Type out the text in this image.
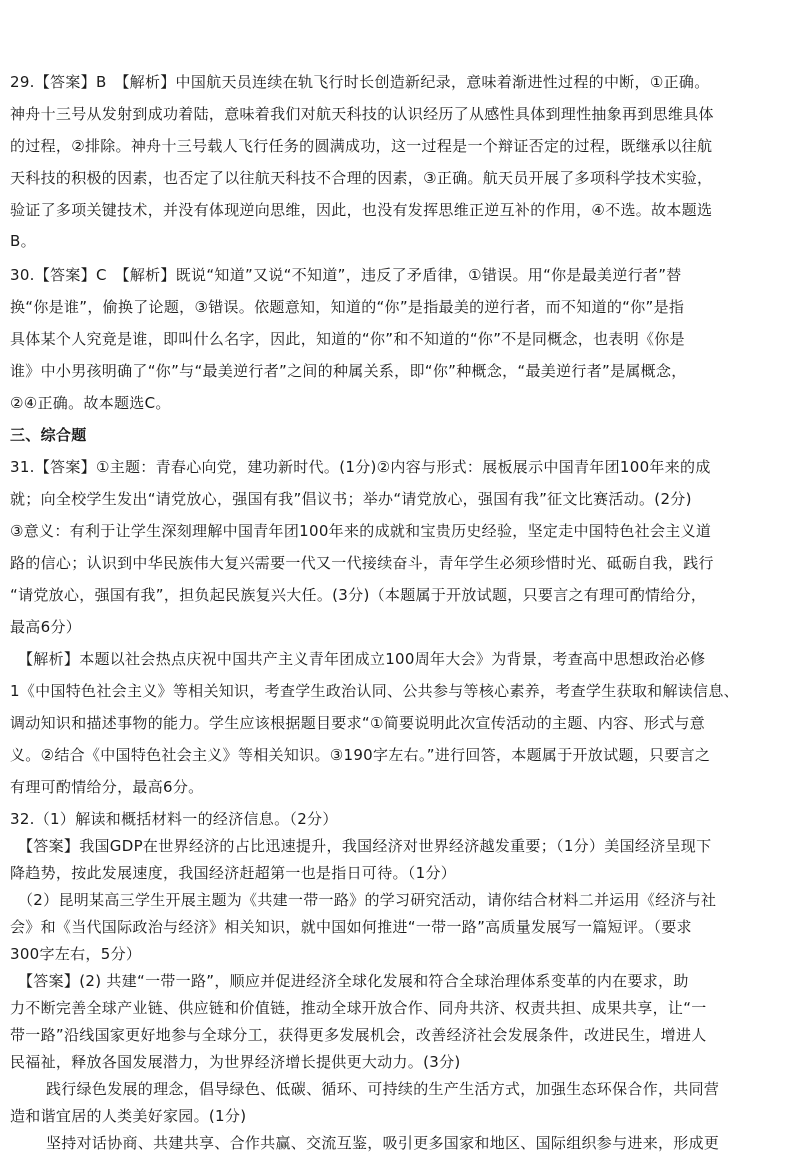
29.【答案】B　【解析】中国航天员连续在轨飞行时长创造新纪录，意味着渐进性过程的中断，①正确。
神舟十三号从发射到成功着陆，意味着我们对航天科技的认识经历了从感性具体到理性抽象再到思维具体
的过程，②排除。神舟十三号载人飞行任务的圆满成功，这一过程是一个辩证否定的过程，既继承以往航
天科技的积极的因素，也否定了以往航天科技不合理的因素，③正确。航天员开展了多项科学技术实验，
验证了多项关键技术，并没有体现逆向思维，因此，也没有发挥思维正逆互补的作用，④不选。故本题选
B。
30.【答案】C　【解析】既说“知道”又说“不知道”，违反了矛盾律，①错误。用“你是最美逆行者”替
换“你是谁”，偷换了论题，③错误。依题意知，知道的“你”是指最美的逆行者，而不知道的“你”是指
具体某个人究竟是谁，即叫什么名字，因此，知道的“你”和不知道的“你”不是同概念，也表明《你是
谁》中小男孩明确了“你”与“最美逆行者”之间的种属关系，即“你”种概念，“最美逆行者”是属概念，
②④正确。故本题选C。
三、综合题
31.【答案】①主题：青春心向党，建功新时代。(1分)②内容与形式：展板展示中国青年团100年来的成
就；向全校学生发出“请党放心，强国有我”倡议书；举办“请党放心，强国有我”征文比赛活动。(2分)
③意义：有利于让学生深刻理解中国青年团100年来的成就和宝贵历史经验，坚定走中国特色社会主义道
路的信心；认识到中华民族伟大复兴需要一代又一代接续奋斗，青年学生必须珍惜时光、砥砺自我，践行
“请党放心，强国有我”，担负起民族复兴大任。(3分)（本题属于开放试题，只要言之有理可酌情给分，
最高6分）
【解析】本题以社会热点庆祝中国共产主义青年团成立100周年大会》为背景，考查高中思想政治必修
1《中国特色社会主义》等相关知识，考查学生政治认同、公共参与等核心素养，考查学生获取和解读信息、
调动知识和描述事物的能力。学生应该根据题目要求“①简要说明此次宣传活动的主题、内容、形式与意
义。②结合《中国特色社会主义》等相关知识。③190字左右。”进行回答，本题属于开放试题，只要言之
有理可酌情给分，最高6分。
32.（1）解读和概括材料一的经济信息。（2分）
【答案】我国GDP在世界经济的占比迅速提升，我国经济对世界经济越发重要；（1分）美国经济呈现下
降趋势，按此发展速度，我国经济赶超第一也是指日可待。（1分）
（2）昆明某高三学生开展主题为《共建一带一路》的学习研究活动，请你结合材料二并运用《经济与社
会》和《当代国际政治与经济》相关知识，就中国如何推进“一带一路”高质量发展写一篇短评。（要求
300字左右，5分）
【答案】(2) 共建“一带一路”，顺应并促进经济全球化发展和符合全球治理体系变革的内在要求，助
力不断完善全球产业链、供应链和价值链，推动全球开放合作、同舟共济、权责共担、成果共享，让“一
带一路”沿线国家更好地参与全球分工，获得更多发展机会，改善经济社会发展条件，改进民生，增进人
民福祉，释放各国发展潜力，为世界经济增长提供更大动力。(3分)
践行绿色发展的理念，倡导绿色、低碳、循环、可持续的生产生活方式，加强生态环保合作，共同营
造和谐宜居的人类美好家园。(1分)
坚持对话协商、共建共享、合作共赢、交流互鉴，吸引更多国家和地区、国际组织参与进来，形成更
